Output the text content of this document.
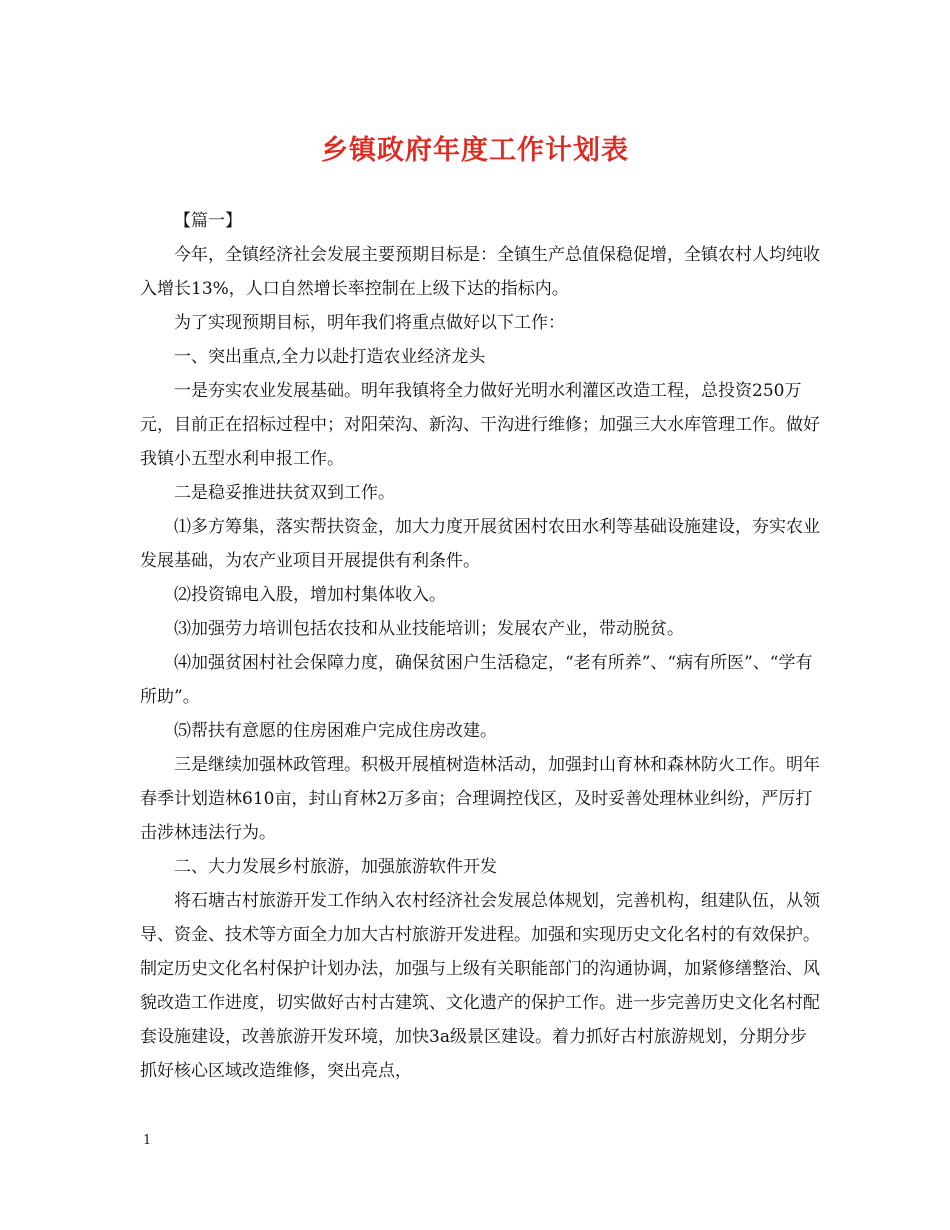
乡镇政府年度工作计划表

【篇一】

今年，全镇经济社会发展主要预期目标是：全镇生产总值保稳促增，全镇农村人均纯收入增长13%，人口自然增长率控制在上级下达的指标内。

为了实现预期目标，明年我们将重点做好以下工作：

一、突出重点,全力以赴打造农业经济龙头

一是夯实农业发展基础。明年我镇将全力做好光明水利灌区改造工程，总投资250万元，目前正在招标过程中；对阳荣沟、新沟、干沟进行维修；加强三大水库管理工作。做好我镇小五型水利申报工作。

二是稳妥推进扶贫双到工作。

⑴多方筹集，落实帮扶资金，加大力度开展贫困村农田水利等基础设施建设，夯实农业发展基础，为农产业项目开展提供有利条件。

⑵投资锦电入股，增加村集体收入。

⑶加强劳力培训包括农技和从业技能培训；发展农产业，带动脱贫。

⑷加强贫困村社会保障力度，确保贫困户生活稳定，“老有所养”、“病有所医”、“学有所助”。

⑸帮扶有意愿的住房困难户完成住房改建。

三是继续加强林政管理。积极开展植树造林活动，加强封山育林和森林防火工作。明年春季计划造林610亩，封山育林2万多亩；合理调控伐区，及时妥善处理林业纠纷，严厉打击涉林违法行为。

二、大力发展乡村旅游，加强旅游软件开发

将石塘古村旅游开发工作纳入农村经济社会发展总体规划，完善机构，组建队伍，从领导、资金、技术等方面全力加大古村旅游开发进程。加强和实现历史文化名村的有效保护。制定历史文化名村保护计划办法，加强与上级有关职能部门的沟通协调，加紧修缮整治、风貌改造工作进度，切实做好古村古建筑、文化遗产的保护工作。进一步完善历史文化名村配套设施建设，改善旅游开发环境，加快3a级景区建设。着力抓好古村旅游规划，分期分步抓好核心区域改造维修，突出亮点，

1
